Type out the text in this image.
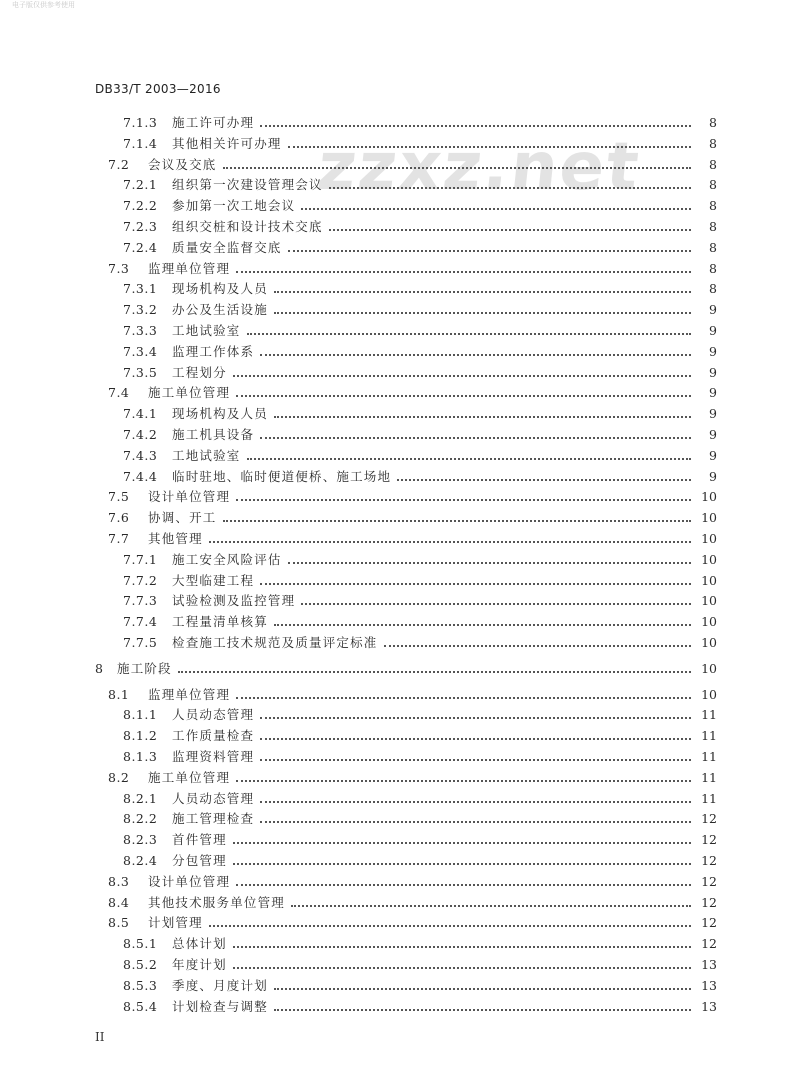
电子版仅供参考使用
DB33/T 2003—2016
zzxz.net
7.1.3	施工许可办理	8
7.1.4	其他相关许可办理	8
7.2	会议及交底	8
7.2.1	组织第一次建设管理会议	8
7.2.2	参加第一次工地会议	8
7.2.3	组织交桩和设计技术交底	8
7.2.4	质量安全监督交底	8
7.3	监理单位管理	8
7.3.1	现场机构及人员	8
7.3.2	办公及生活设施	9
7.3.3	工地试验室	9
7.3.4	监理工作体系	9
7.3.5	工程划分	9
7.4	施工单位管理	9
7.4.1	现场机构及人员	9
7.4.2	施工机具设备	9
7.4.3	工地试验室	9
7.4.4	临时驻地、临时便道便桥、施工场地	9
7.5	设计单位管理	10
7.6	协调、开工	10
7.7	其他管理	10
7.7.1	施工安全风险评估	10
7.7.2	大型临建工程	10
7.7.3	试验检测及监控管理	10
7.7.4	工程量清单核算	10
7.7.5	检查施工技术规范及质量评定标准	10
8	施工阶段	10
8.1	监理单位管理	10
8.1.1	人员动态管理	11
8.1.2	工作质量检查	11
8.1.3	监理资料管理	11
8.2	施工单位管理	11
8.2.1	人员动态管理	11
8.2.2	施工管理检查	12
8.2.3	首件管理	12
8.2.4	分包管理	12
8.3	设计单位管理	12
8.4	其他技术服务单位管理	12
8.5	计划管理	12
8.5.1	总体计划	12
8.5.2	年度计划	13
8.5.3	季度、月度计划	13
8.5.4	计划检查与调整	13
II
